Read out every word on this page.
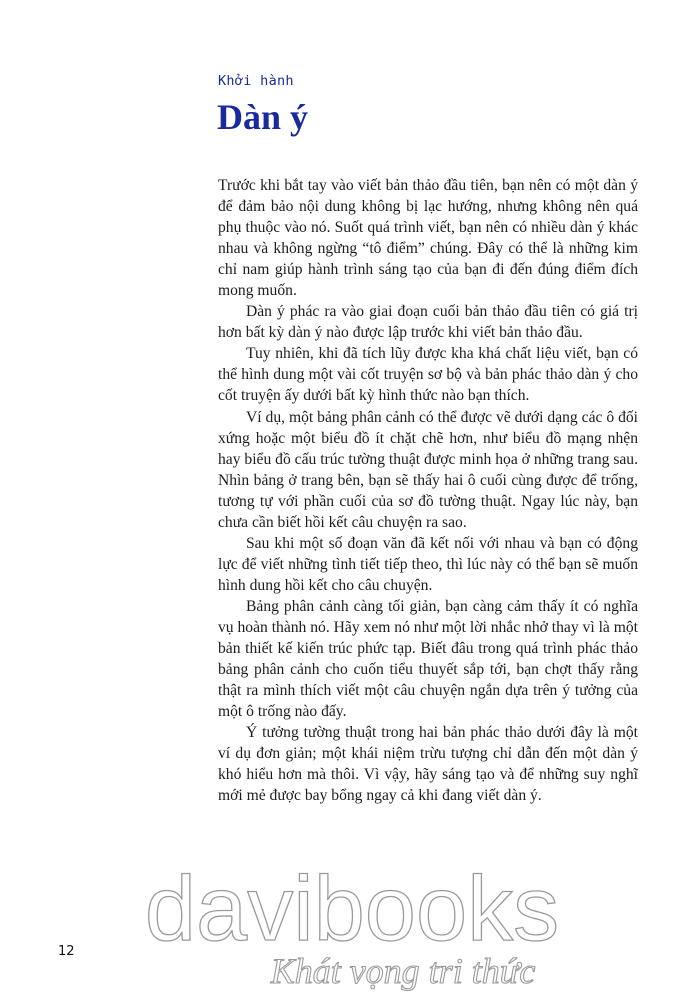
Khởi hành
Dàn ý

Trước khi bắt tay vào viết bản thảo đầu tiên, bạn nên có một dàn ý để đảm bảo nội dung không bị lạc hướng, nhưng không nên quá phụ thuộc vào nó. Suốt quá trình viết, bạn nên có nhiều dàn ý khác nhau và không ngừng “tô điểm” chúng. Đây có thể là những kim chỉ nam giúp hành trình sáng tạo của bạn đi đến đúng điểm đích mong muốn.

Dàn ý phác ra vào giai đoạn cuối bản thảo đầu tiên có giá trị hơn bất kỳ dàn ý nào được lập trước khi viết bản thảo đầu.

Tuy nhiên, khi đã tích lũy được kha khá chất liệu viết, bạn có thể hình dung một vài cốt truyện sơ bộ và bản phác thảo dàn ý cho cốt truyện ấy dưới bất kỳ hình thức nào bạn thích.

Ví dụ, một bảng phân cảnh có thể được vẽ dưới dạng các ô đối xứng hoặc một biểu đồ ít chặt chẽ hơn, như biểu đồ mạng nhện hay biểu đồ cấu trúc tường thuật được minh họa ở những trang sau. Nhìn bảng ở trang bên, bạn sẽ thấy hai ô cuối cùng được để trống, tương tự với phần cuối của sơ đồ tường thuật. Ngay lúc này, bạn chưa cần biết hồi kết câu chuyện ra sao.

Sau khi một số đoạn văn đã kết nối với nhau và bạn có động lực để viết những tình tiết tiếp theo, thì lúc này có thể bạn sẽ muốn hình dung hồi kết cho câu chuyện.

Bảng phân cảnh càng tối giản, bạn càng cảm thấy ít có nghĩa vụ hoàn thành nó. Hãy xem nó như một lời nhắc nhở thay vì là một bản thiết kế kiến trúc phức tạp. Biết đâu trong quá trình phác thảo bảng phân cảnh cho cuốn tiểu thuyết sắp tới, bạn chợt thấy rằng thật ra mình thích viết một câu chuyện ngắn dựa trên ý tưởng của một ô trống nào đấy.

Ý tưởng tường thuật trong hai bản phác thảo dưới đây là một ví dụ đơn giản; một khái niệm trừu tượng chỉ dẫn đến một dàn ý khó hiểu hơn mà thôi. Vì vậy, hãy sáng tạo và để những suy nghĩ mới mẻ được bay bổng ngay cả khi đang viết dàn ý.

12 davibooks
Khát vọng tri thức
